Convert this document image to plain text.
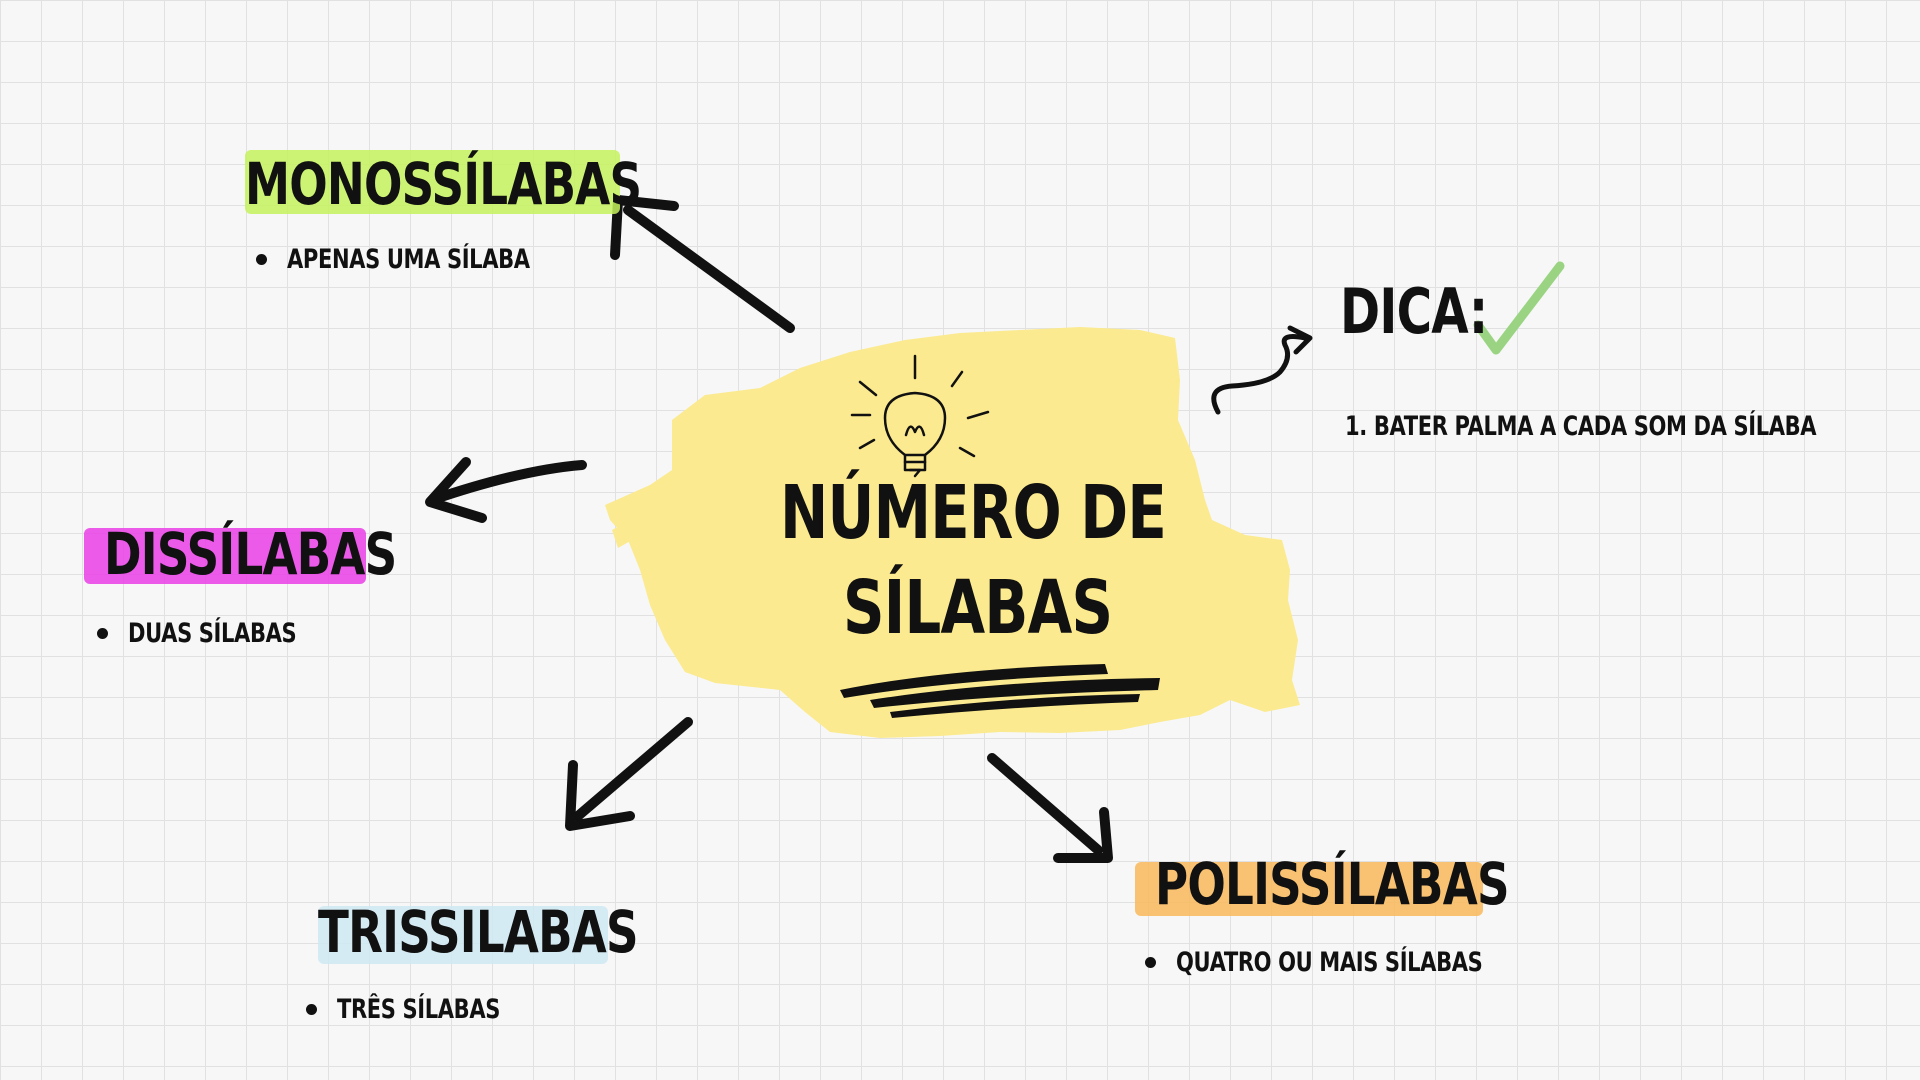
NÚMERO DE
SÍLABAS
MONOSSÍLABAS
APENAS UMA SÍLABA
DISSÍLABAS
DUAS SÍLABAS
TRISSILABAS
TRÊS SÍLABAS
POLISSÍLABAS
QUATRO OU MAIS SÍLABAS
DICA:
1. BATER PALMA A CADA SOM DA SÍLABA
